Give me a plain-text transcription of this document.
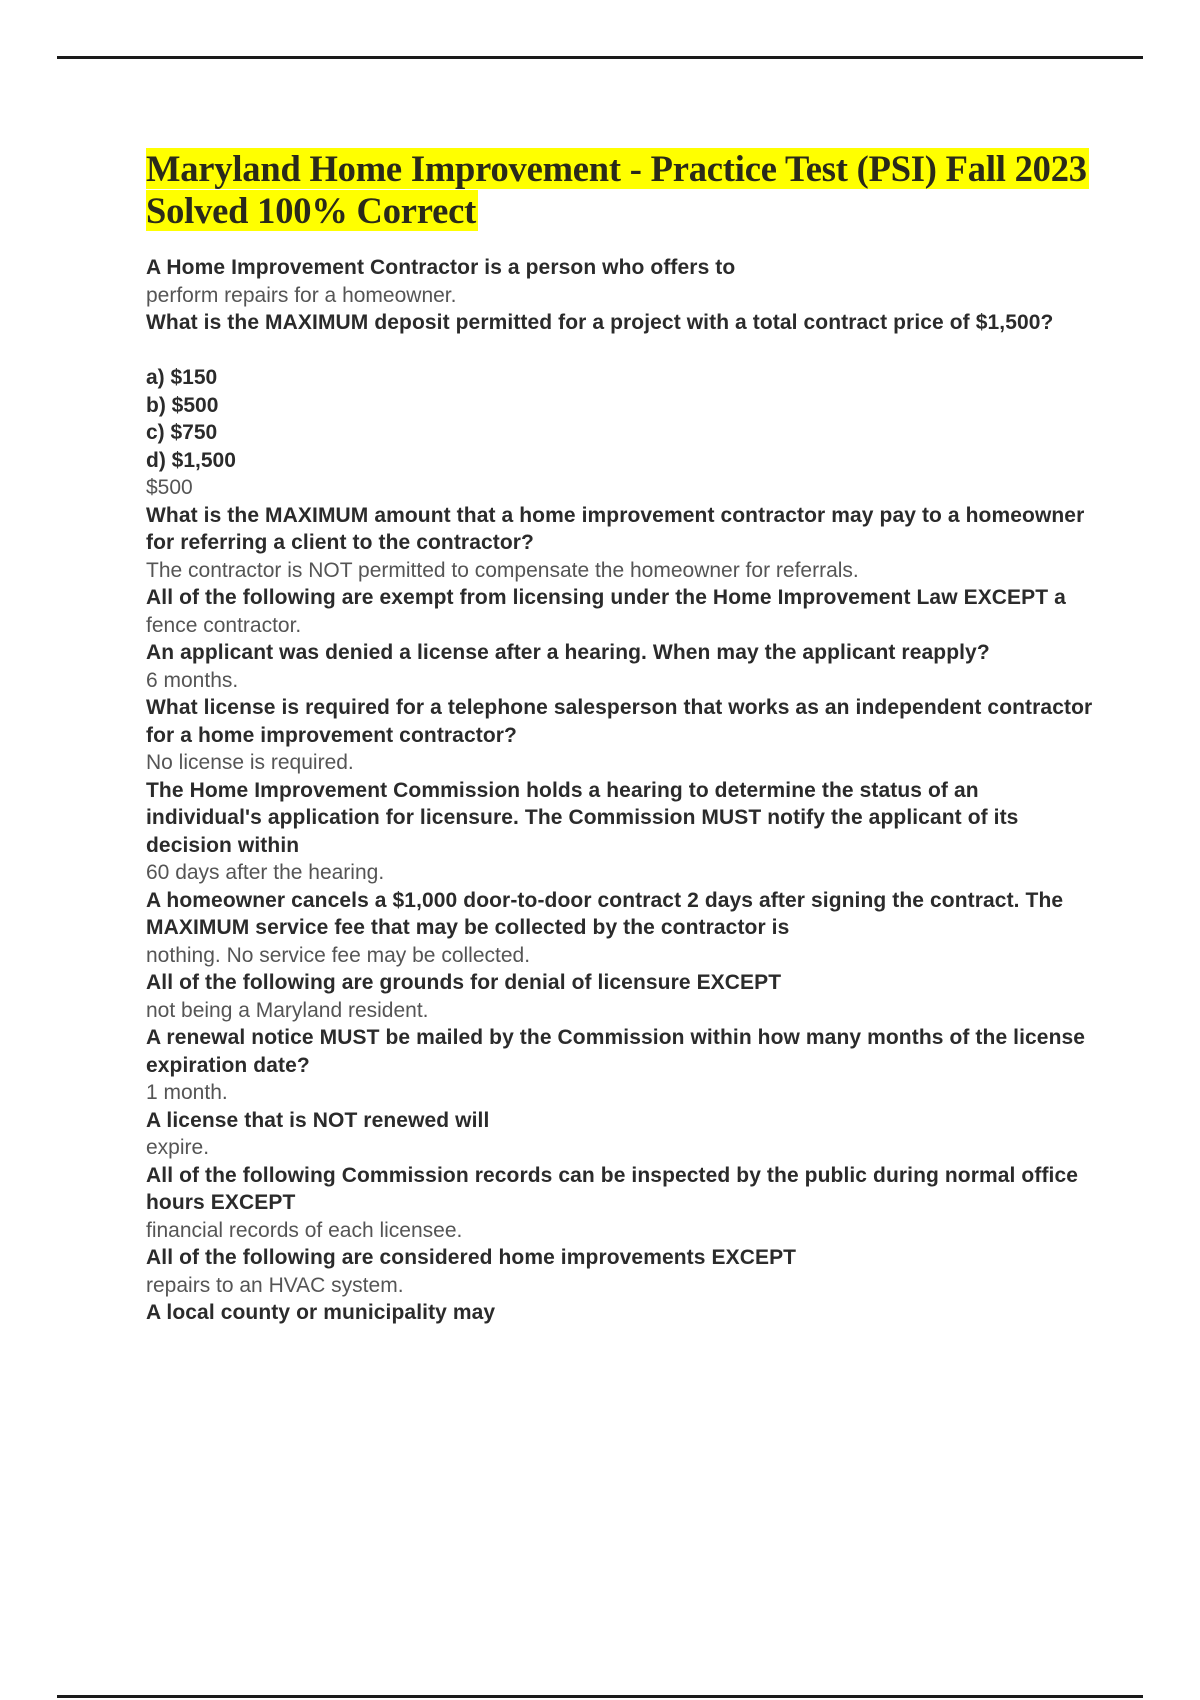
Maryland Home Improvement - Practice Test (PSI) Fall 2023 Solved 100% Correct

A Home Improvement Contractor is a person who offers to

perform repairs for a homeowner.

What is the MAXIMUM deposit permitted for a project with a total contract price of $1,500?

a) $150

b) $500

c) $750

d) $1,500

$500

What is the MAXIMUM amount that a home improvement contractor may pay to a homeowner for referring a client to the contractor?

The contractor is NOT permitted to compensate the homeowner for referrals.

All of the following are exempt from licensing under the Home Improvement Law EXCEPT a

fence contractor.

An applicant was denied a license after a hearing. When may the applicant reapply?

6 months.

What license is required for a telephone salesperson that works as an independent contractor for a home improvement contractor?

No license is required.

The Home Improvement Commission holds a hearing to determine the status of an individual's application for licensure. The Commission MUST notify the applicant of its decision within

60 days after the hearing.

A homeowner cancels a $1,000 door-to-door contract 2 days after signing the contract. The MAXIMUM service fee that may be collected by the contractor is

nothing. No service fee may be collected.

All of the following are grounds for denial of licensure EXCEPT

not being a Maryland resident.

A renewal notice MUST be mailed by the Commission within how many months of the license expiration date?

1 month.

A license that is NOT renewed will

expire.

All of the following Commission records can be inspected by the public during normal office hours EXCEPT

financial records of each licensee.

All of the following are considered home improvements EXCEPT

repairs to an HVAC system.

A local county or municipality may
